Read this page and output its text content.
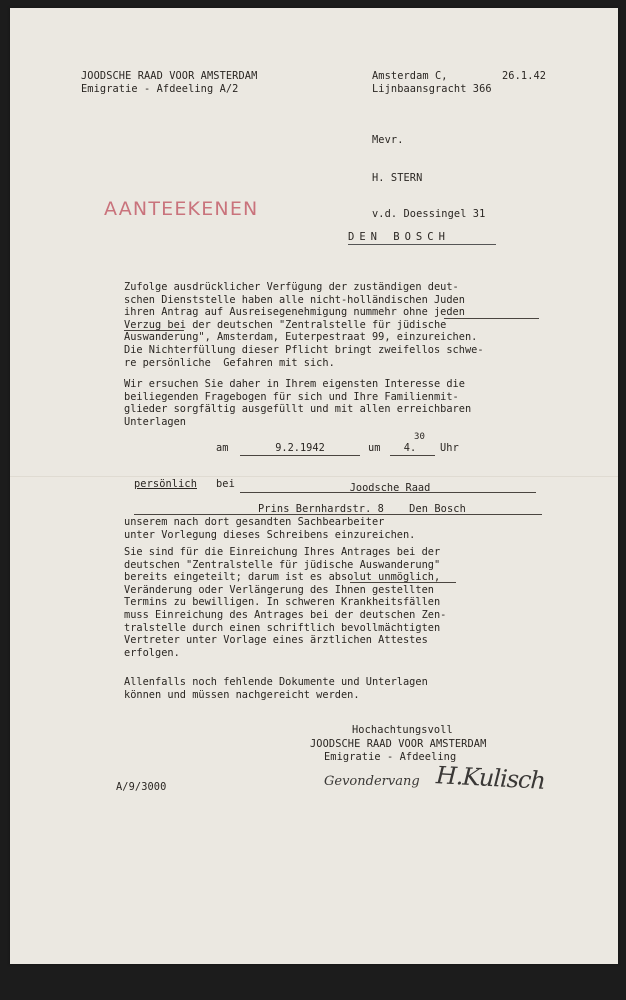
JOODSCHE RAAD VOOR AMSTERDAM
Emigratie - Afdeeling A/2
Amsterdam C,	26.1.42
Lijnbaansgracht 366
Mevr.
H. STERN
v.d. Doessingel 31
DEN BOSCH
AANTEEKENEN
Zufolge ausdrücklicher Verfügung der zuständigen deut-
schen Dienststelle haben alle nicht-holländischen Juden
ihren Antrag auf Ausreisegenehmigung nummehr ohne jeden
Verzug bei der deutschen "Zentralstelle für jüdische
Auswanderung", Amsterdam, Euterpestraat 99, einzureichen.
Die Nichterfüllung dieser Pflicht bringt zweifellos schwe-
re persönliche  Gefahren mit sich.
Wir ersuchen Sie daher in Ihrem eigensten Interesse die
beiliegenden Fragebogen für sich und Ihre Familienmit-
glieder sorgfältig ausgefüllt und mit allen erreichbaren
Unterlagen
am	9.2.1942	um	4.
30
Uhr
persönlich bei	Joodsche Raad
Prins Bernhardstr. 8    Den Bosch
unserem nach dort gesandten Sachbearbeiter
unter Vorlegung dieses Schreibens einzureichen.
Sie sind für die Einreichung Ihres Antrages bei der
deutschen "Zentralstelle für jüdische Auswanderung"
bereits eingeteilt; darum ist es absolut unmöglich,
Veränderung oder Verlängerung des Ihnen gestellten
Termins zu bewilligen. In schweren Krankheitsfällen
muss Einreichung des Antrages bei der deutschen Zen-
tralstelle durch einen schriftlich bevollmächtigten
Vertreter unter Vorlage eines ärztlichen Attestes
erfolgen.
Allenfalls noch fehlende Dokumente und Unterlagen
können und müssen nachgereicht werden.
Hochachtungsvoll
JOODSCHE RAAD VOOR AMSTERDAM
Emigratie - Afdeeling
A/9/3000	Gevondervang H.Kulisch
